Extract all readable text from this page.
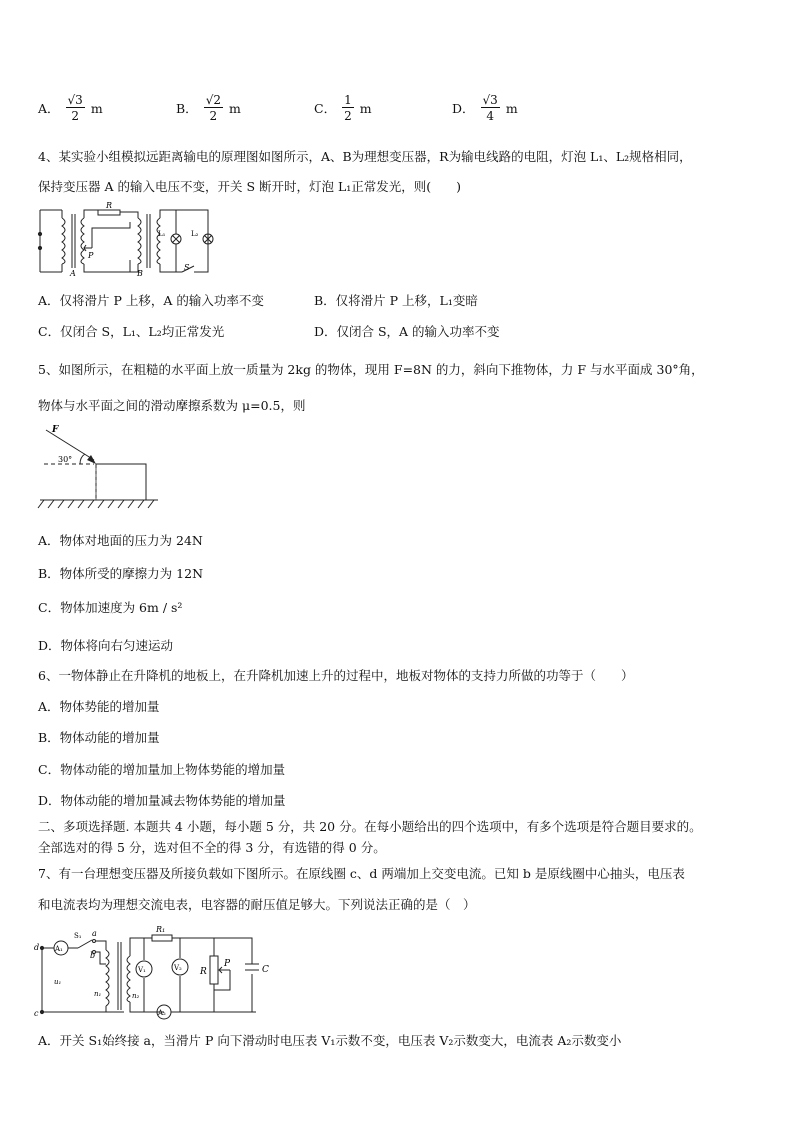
A． $\frac{√3}{2}$ m	B． $\frac{√2}{2}$ m	C． $\frac{1}{2}$ m	D． $\frac{√3}{4}$ m
4、某实验小组模拟远距离输电的原理图如图所示，A、B为理想变压器，R为输电线路的电阻，灯泡 L₁、L₂规格相同，
保持变压器 A 的输入电压不变，开关 S 断开时，灯泡 L₁正常发光，则(　　)
R
P
A	B
S
L₁	L₂
A．仅将滑片 P 上移，A 的输入功率不变	B．仅将滑片 P 上移，L₁变暗
C．仅闭合 S，L₁、L₂均正常发光	D．仅闭合 S，A 的输入功率不变
5、如图所示，在粗糙的水平面上放一质量为 2kg 的物体，现用 F=8N 的力，斜向下推物体，力 F 与水平面成 30°角，
物体与水平面之间的滑动摩擦系数为 μ=0.5，则
F
30°
A．物体对地面的压力为 24N
B．物体所受的摩擦力为 12N
C．物体加速度为 6m / s²
D．物体将向右匀速运动
6、一物体静止在升降机的地板上，在升降机加速上升的过程中，地板对物体的支持力所做的功等于（　　）
A．物体势能的增加量
B．物体动能的增加量
C．物体动能的增加量加上物体势能的增加量
D．物体动能的增加量减去物体势能的增加量
二、多项选择题. 本题共 4 小题，每小题 5 分，共 20 分。在每小题给出的四个选项中，有多个选项是符合题目要求的。
全部选对的得 5 分，选对但不全的得 3 分，有选错的得 0 分。
7、有一台理想变压器及所接负载如下图所示。在原线圈 c、d 两端加上交变电流。已知 b 是原线圈中心抽头，电压表
和电流表均为理想交流电表，电容器的耐压值足够大。下列说法正确的是（　）
d
c
A₁
S₁ a
b
u₁
n₁	n₂
V₁	V₂
A₂
R₁
R
P
C
A．开关 S₁始终接 a，当滑片 P 向下滑动时电压表 V₁示数不变，电压表 V₂示数变大，电流表 A₂示数变小
